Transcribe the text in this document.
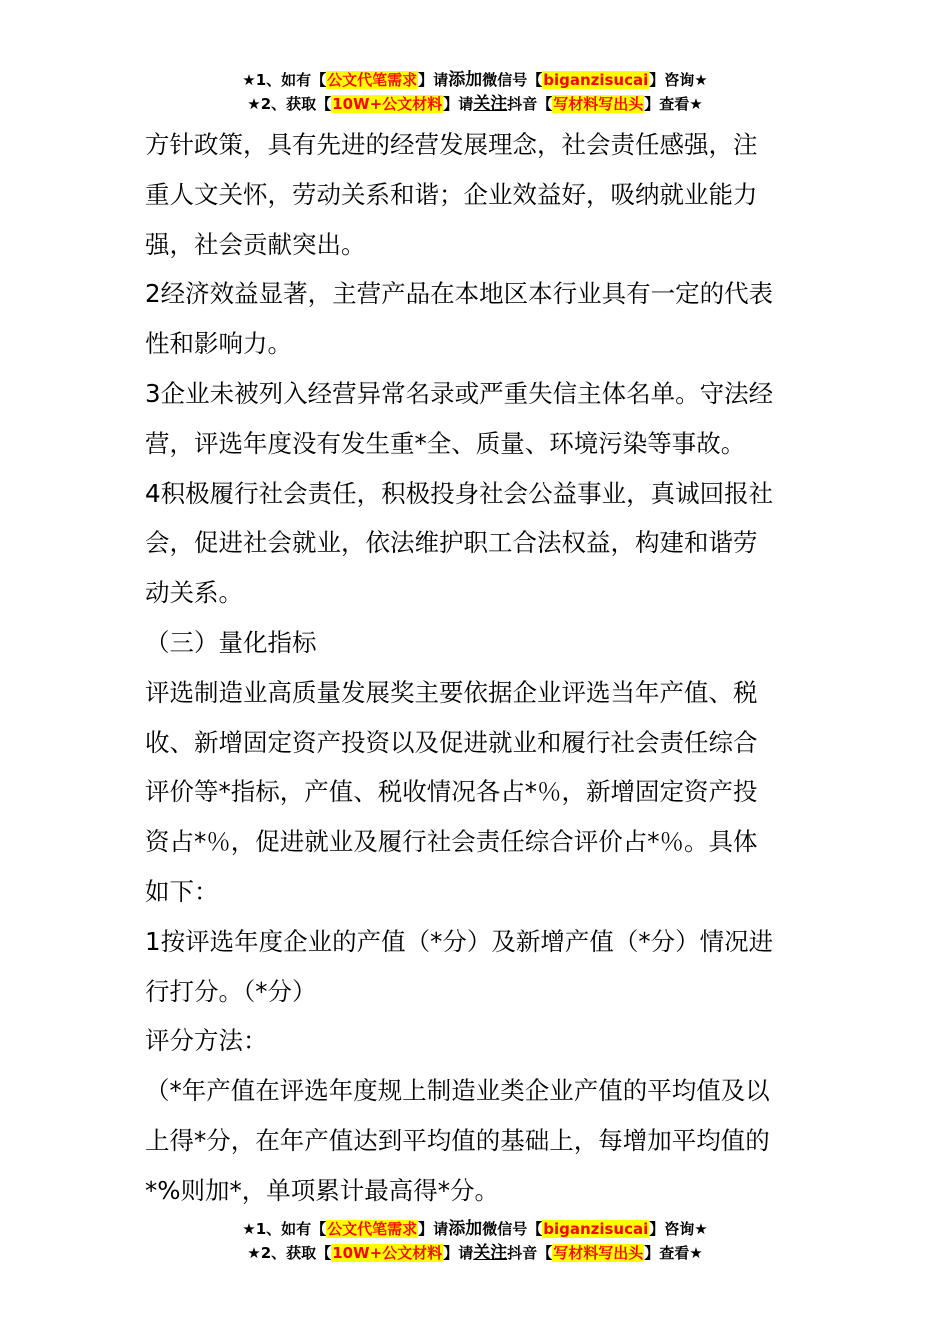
★1、如有【公文代笔需求】请添加微信号【biganzisucai】咨询★
★2、获取【10W+公文材料】请关注抖音【写材料写出头】查看★

方针政策，具有先进的经营发展理念，社会责任感强，注

重人文关怀，劳动关系和谐；企业效益好，吸纳就业能力

强，社会贡献突出。

2经济效益显著，主营产品在本地区本行业具有一定的代表

性和影响力。

3企业未被列入经营异常名录或严重失信主体名单。守法经

营，评选年度没有发生重*全、质量、环境污染等事故。

4积极履行社会责任，积极投身社会公益事业，真诚回报社

会，促进社会就业，依法维护职工合法权益，构建和谐劳

动关系。

（三）量化指标

评选制造业高质量发展奖主要依据企业评选当年产值、税

收、新增固定资产投资以及促进就业和履行社会责任综合

评价等*指标，产值、税收情况各占*％，新增固定资产投

资占*％，促进就业及履行社会责任综合评价占*％。具体

如下：

1按评选年度企业的产值（*分）及新增产值（*分）情况进

行打分。（*分）

评分方法：

（*年产值在评选年度规上制造业类企业产值的平均值及以

上得*分，在年产值达到平均值的基础上，每增加平均值的

*%则加*，单项累计最高得*分。

★1、如有【公文代笔需求】请添加微信号【biganzisucai】咨询★
★2、获取【10W+公文材料】请关注抖音【写材料写出头】查看★
